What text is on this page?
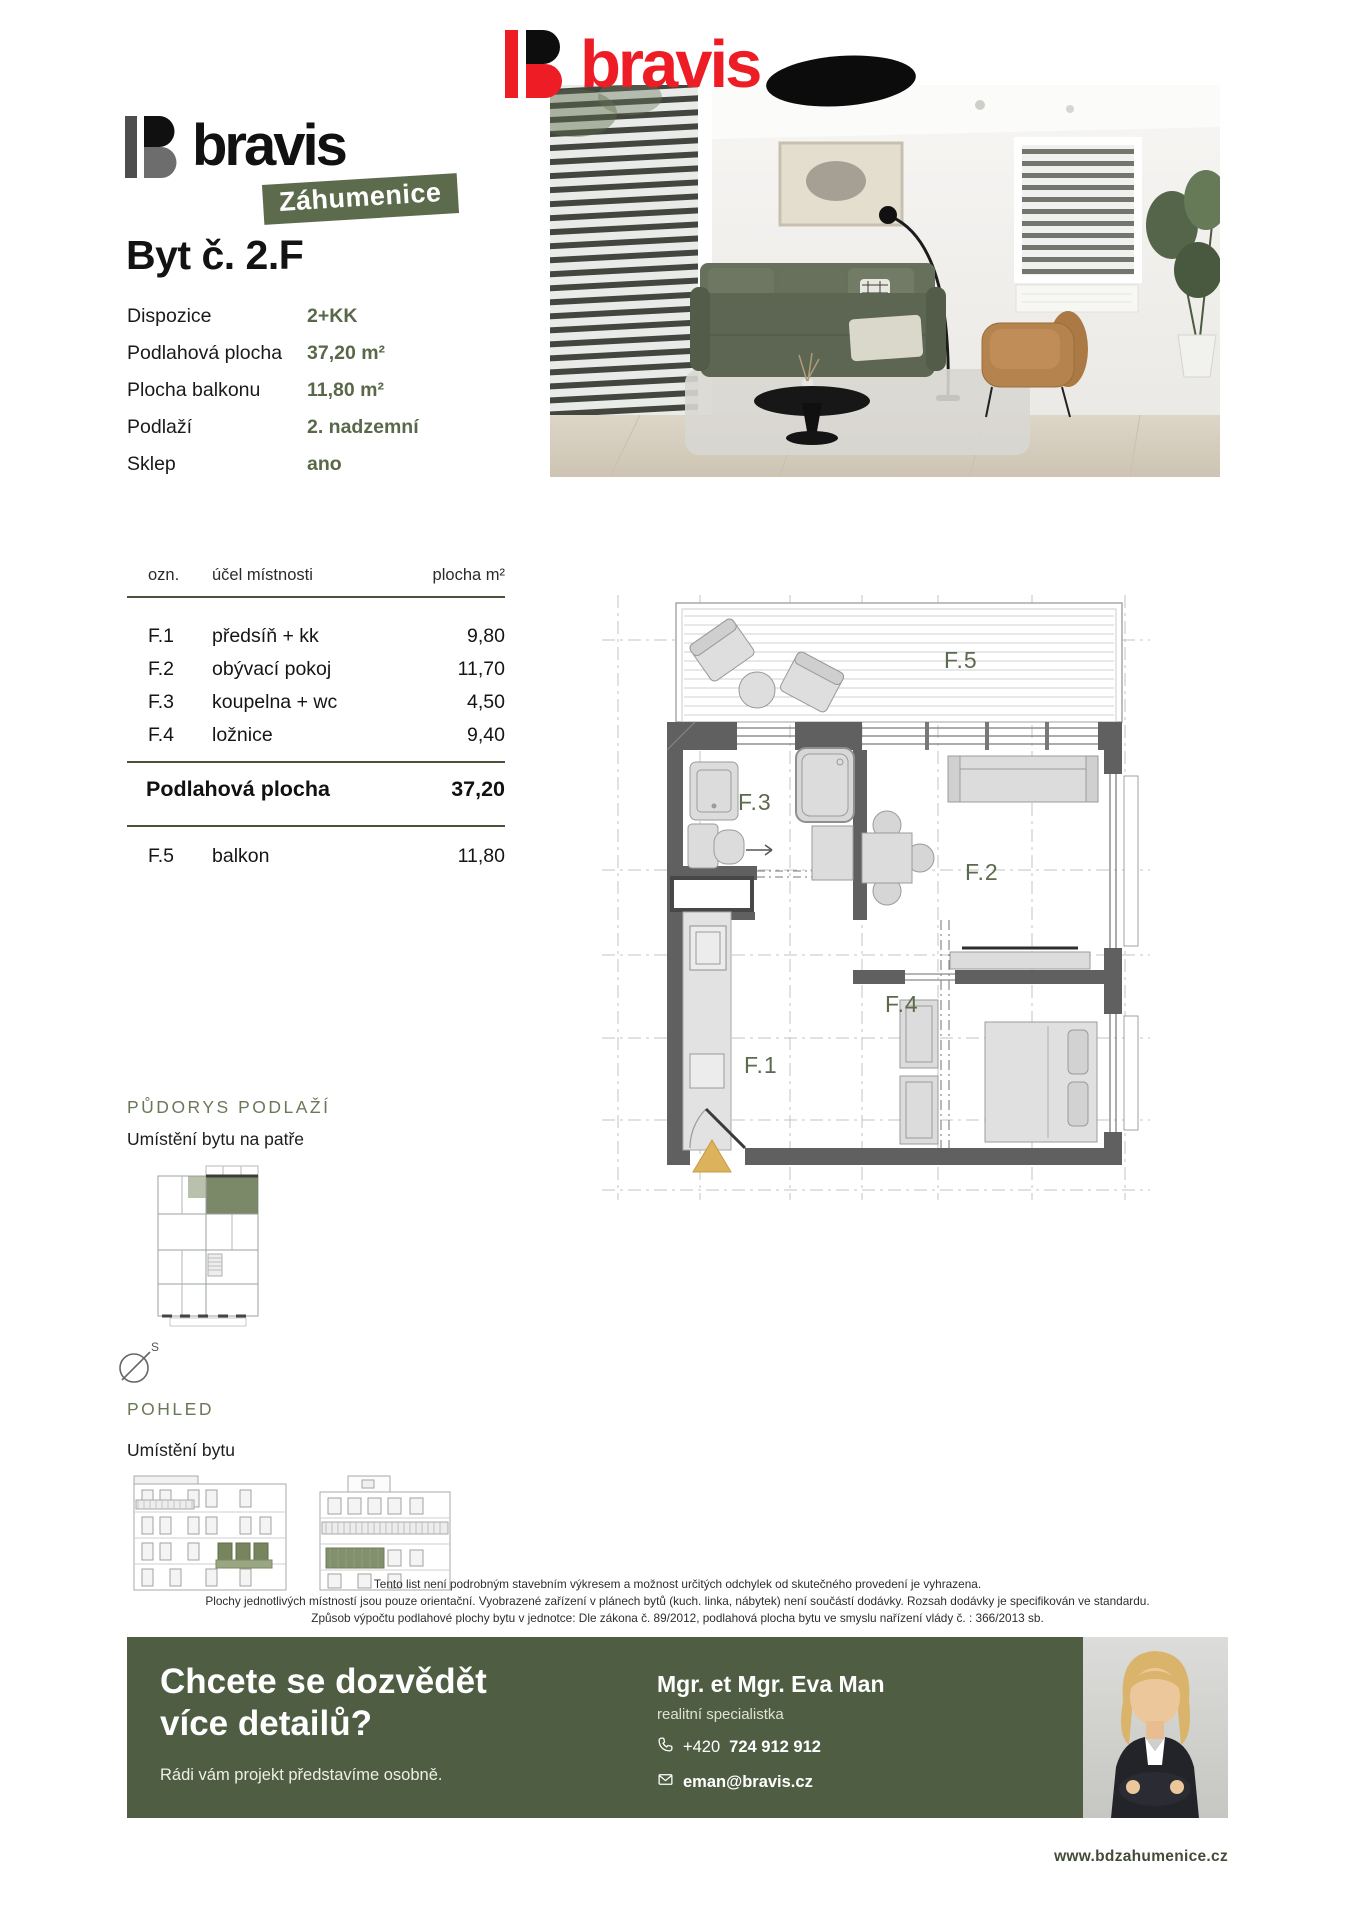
bravis
bravis
Záhumenice
Byt č. 2.F
Dispozice	2+KK
Podlahová plocha	37,20 m²
Plocha balkonu	11,80 m²
Podlaží	2. nadzemní
Sklep	ano
ozn.	účel místnosti	plocha m²
F.1	předsíň + kk	9,80
F.2	obývací pokoj	11,70
F.3	koupelna + wc	4,50
F.4	ložnice	9,40
Podlahová plocha	37,20
F.5	balkon	11,80
F.5
F.3
F.2
F.4
F.1
PŮDORYS PODLAŽÍ
Umístění bytu na patře
S
POHLED
Umístění bytu

Tento list není podrobným stavebním výkresem a možnost určitých odchylek od skutečného provedení je vyhrazena.

Plochy jednotlivých místností jsou pouze orientační. Vyobrazené zařízení v plánech bytů (kuch. linka, nábytek) není součástí dodávky. Rozsah dodávky je specifikován ve standardu.

Způsob výpočtu podlahové plochy bytu v jednotce: Dle zákona č. 89/2012, podlahová plocha bytu ve smyslu nařízení vlády č. : 366/2013 sb.

Chcete se dozvědět
více detailů?
Rádi vám projekt představíme osobně.
Mgr. et Mgr. Eva Man
realitní specialistka
+420 724 912 912
eman@bravis.cz
www.bdzahumenice.cz
